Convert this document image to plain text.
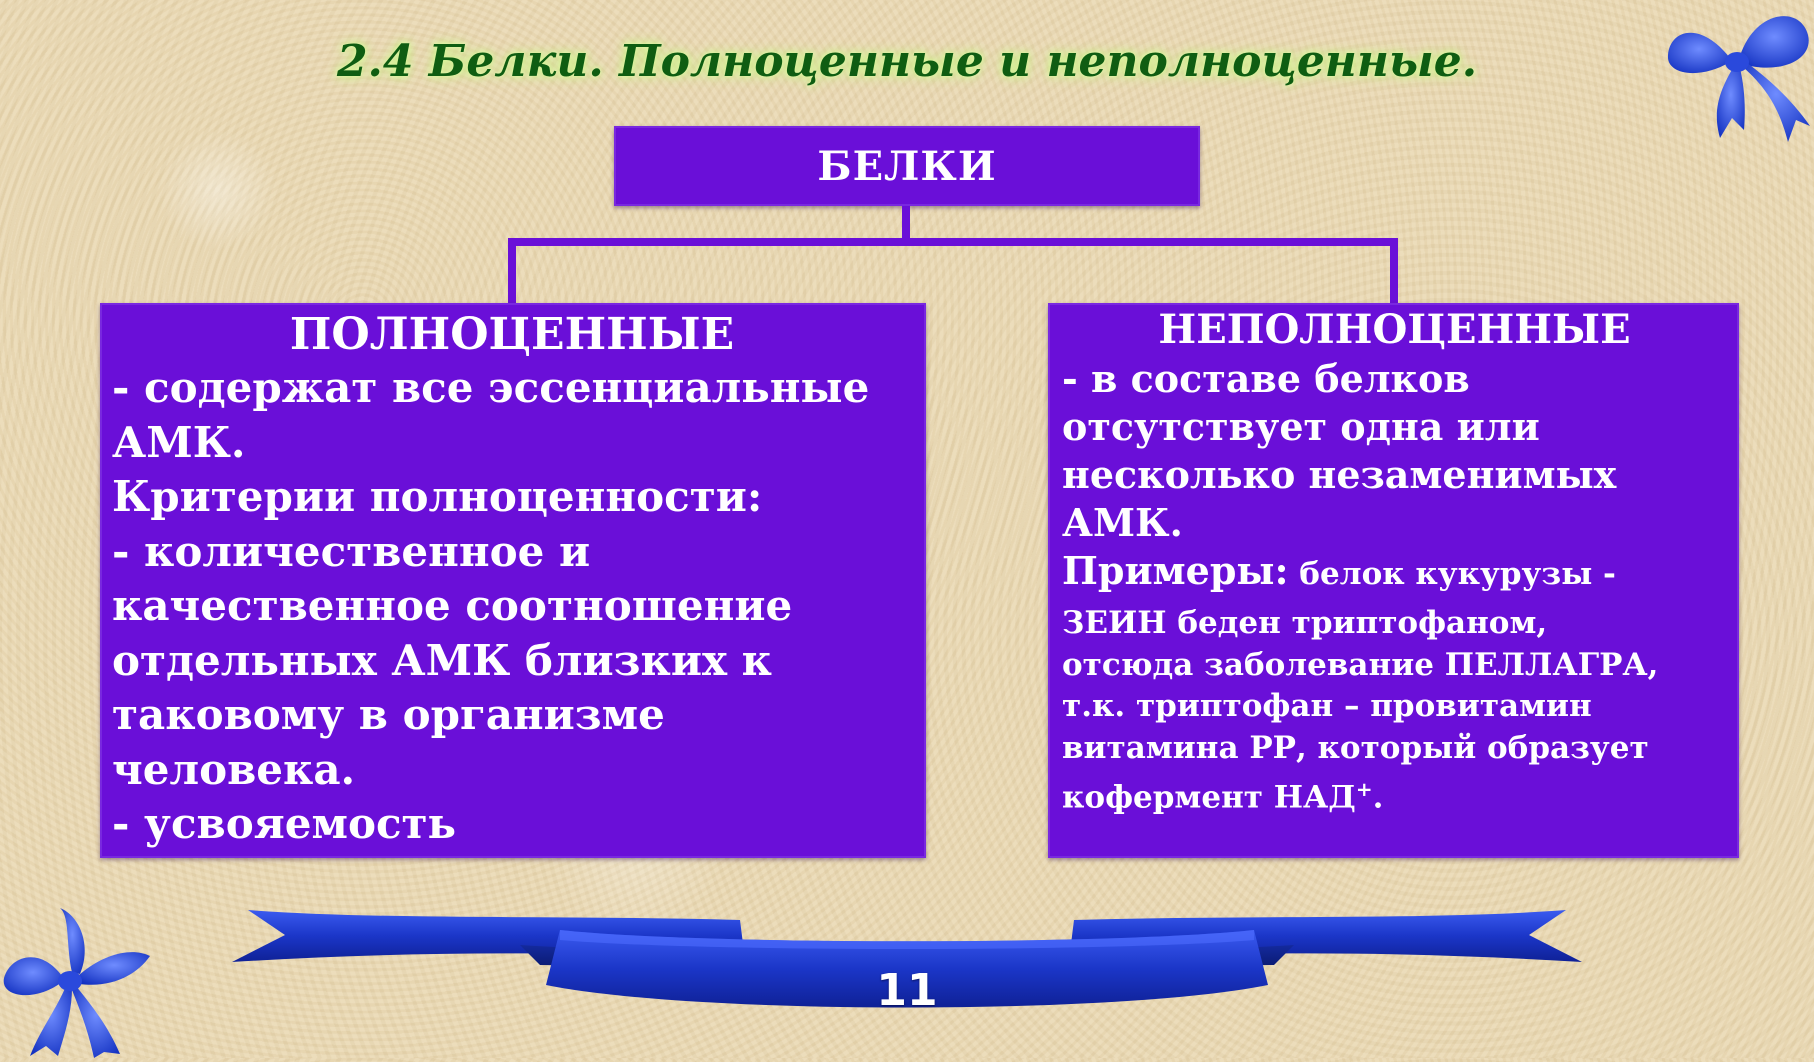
2.4 Белки. Полноценные и неполноценные.
БЕЛКИ
ПОЛНОЦЕННЫЕ
- содержат все эссенциальные
АМК.
Критерии полноценности:
- количественное и
качественное соотношение
отдельных АМК близких к
таковому в организме
человека.
- усвояемость
НЕПОЛНОЦЕННЫЕ
- в составе белков
отсутствует одна или
несколько незаменимых
АМК.
Примеры: белок кукурузы -
ЗЕИН беден триптофаном,
отсюда заболевание ПЕЛЛАГРА,
т.к. триптофан – провитамин
витамина РР, который образует
кофермент НАД+.
11
